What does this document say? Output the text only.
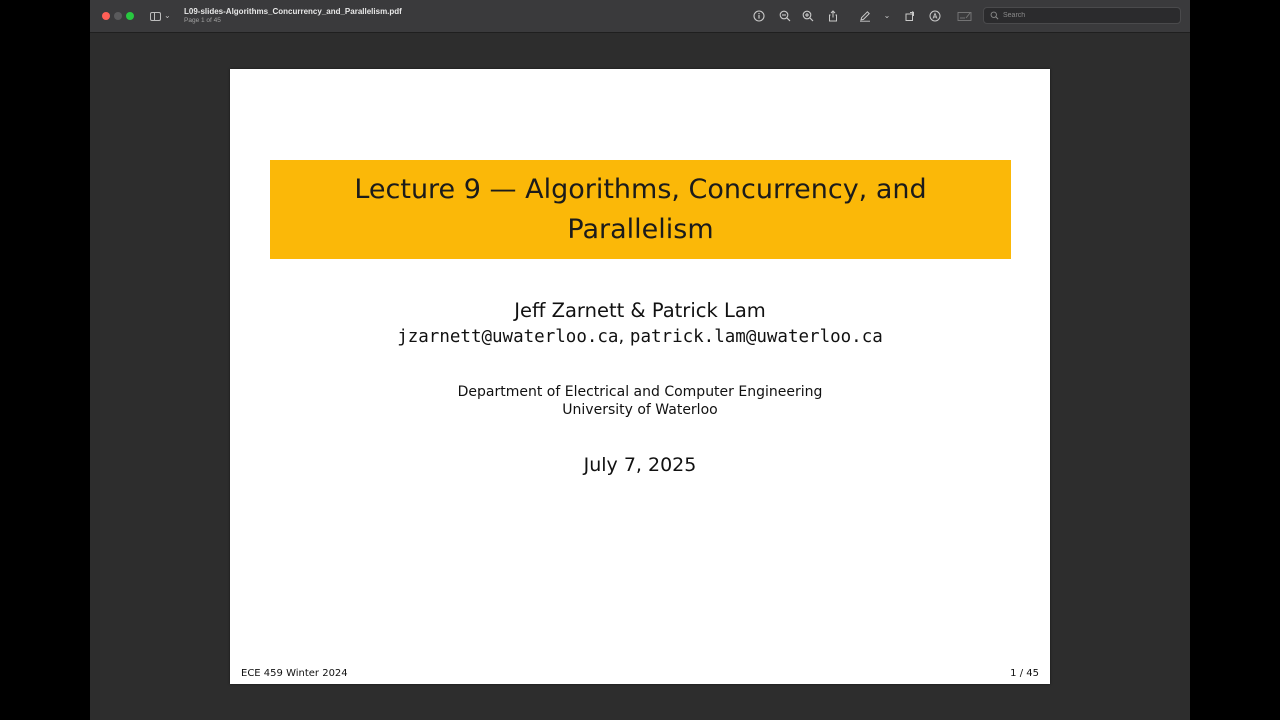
⌄ L09-slides-Algorithms_Concurrency_and_Parallelism.pdf
Page 1 of 45
⌄
Search
Lecture 9 — Algorithms, Concurrency, and Parallelism
Jeff Zarnett & Patrick Lam
jzarnett@uwaterloo.ca, patrick.lam@uwaterloo.ca
Department of Electrical and Computer Engineering
University of Waterloo
July 7, 2025
ECE 459 Winter 2024	1 / 45
